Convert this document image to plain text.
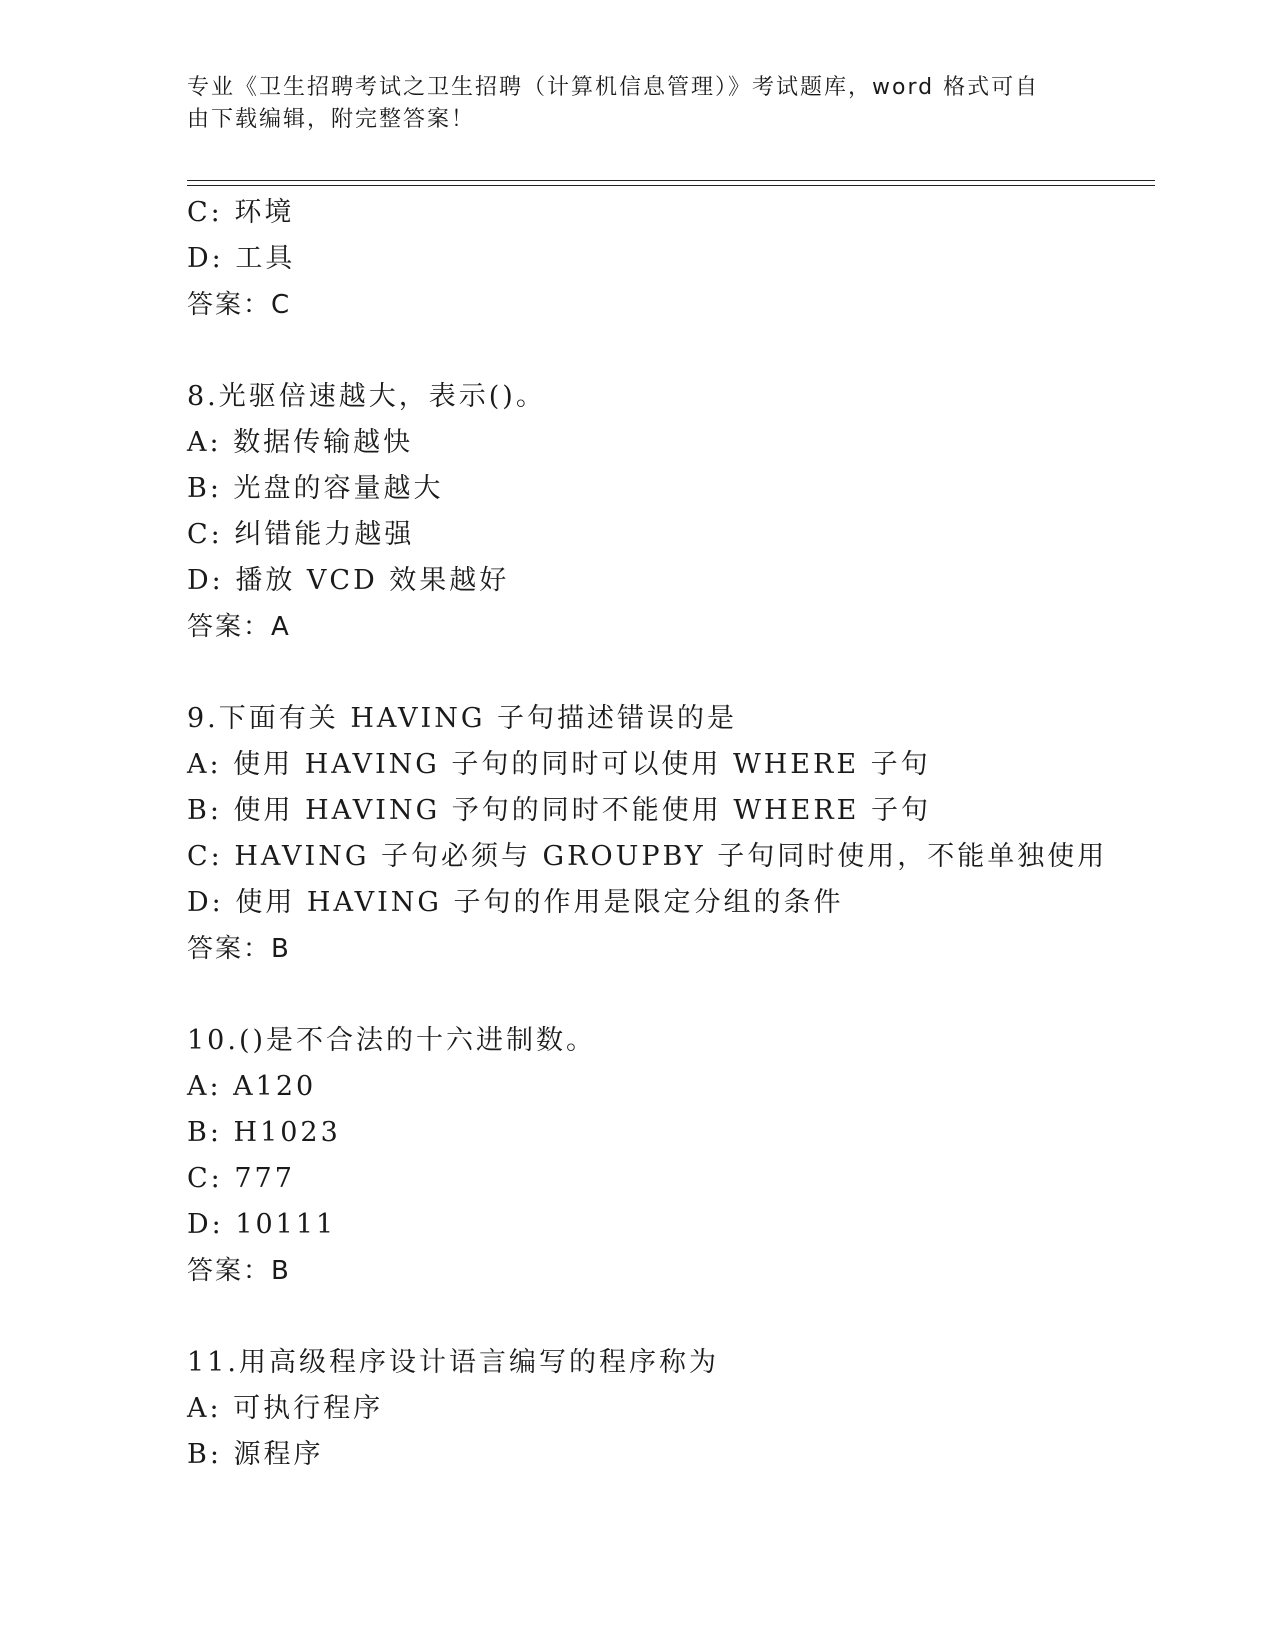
专业《卫生招聘考试之卫生招聘（计算机信息管理）》考试题库，word 格式可自
由下载编辑，附完整答案！
C: 环境
D: 工具
答案：C
8.光驱倍速越大，表示()。
A: 数据传输越快
B: 光盘的容量越大
C: 纠错能力越强
D: 播放 VCD 效果越好
答案：A
9.下面有关 HAVING 子句描述错误的是
A: 使用 HAVING 子句的同时可以使用 WHERE 子句
B: 使用 HAVING 予句的同时不能使用 WHERE 子句
C: HAVING 子句必须与 GROUPBY 子句同时使用，不能单独使用
D: 使用 HAVING 子句的作用是限定分组的条件
答案：B
10.()是不合法的十六进制数。
A: A120
B: H1023
C: 777
D: 10111
答案：B
11.用高级程序设计语言编写的程序称为
A: 可执行程序
B: 源程序
